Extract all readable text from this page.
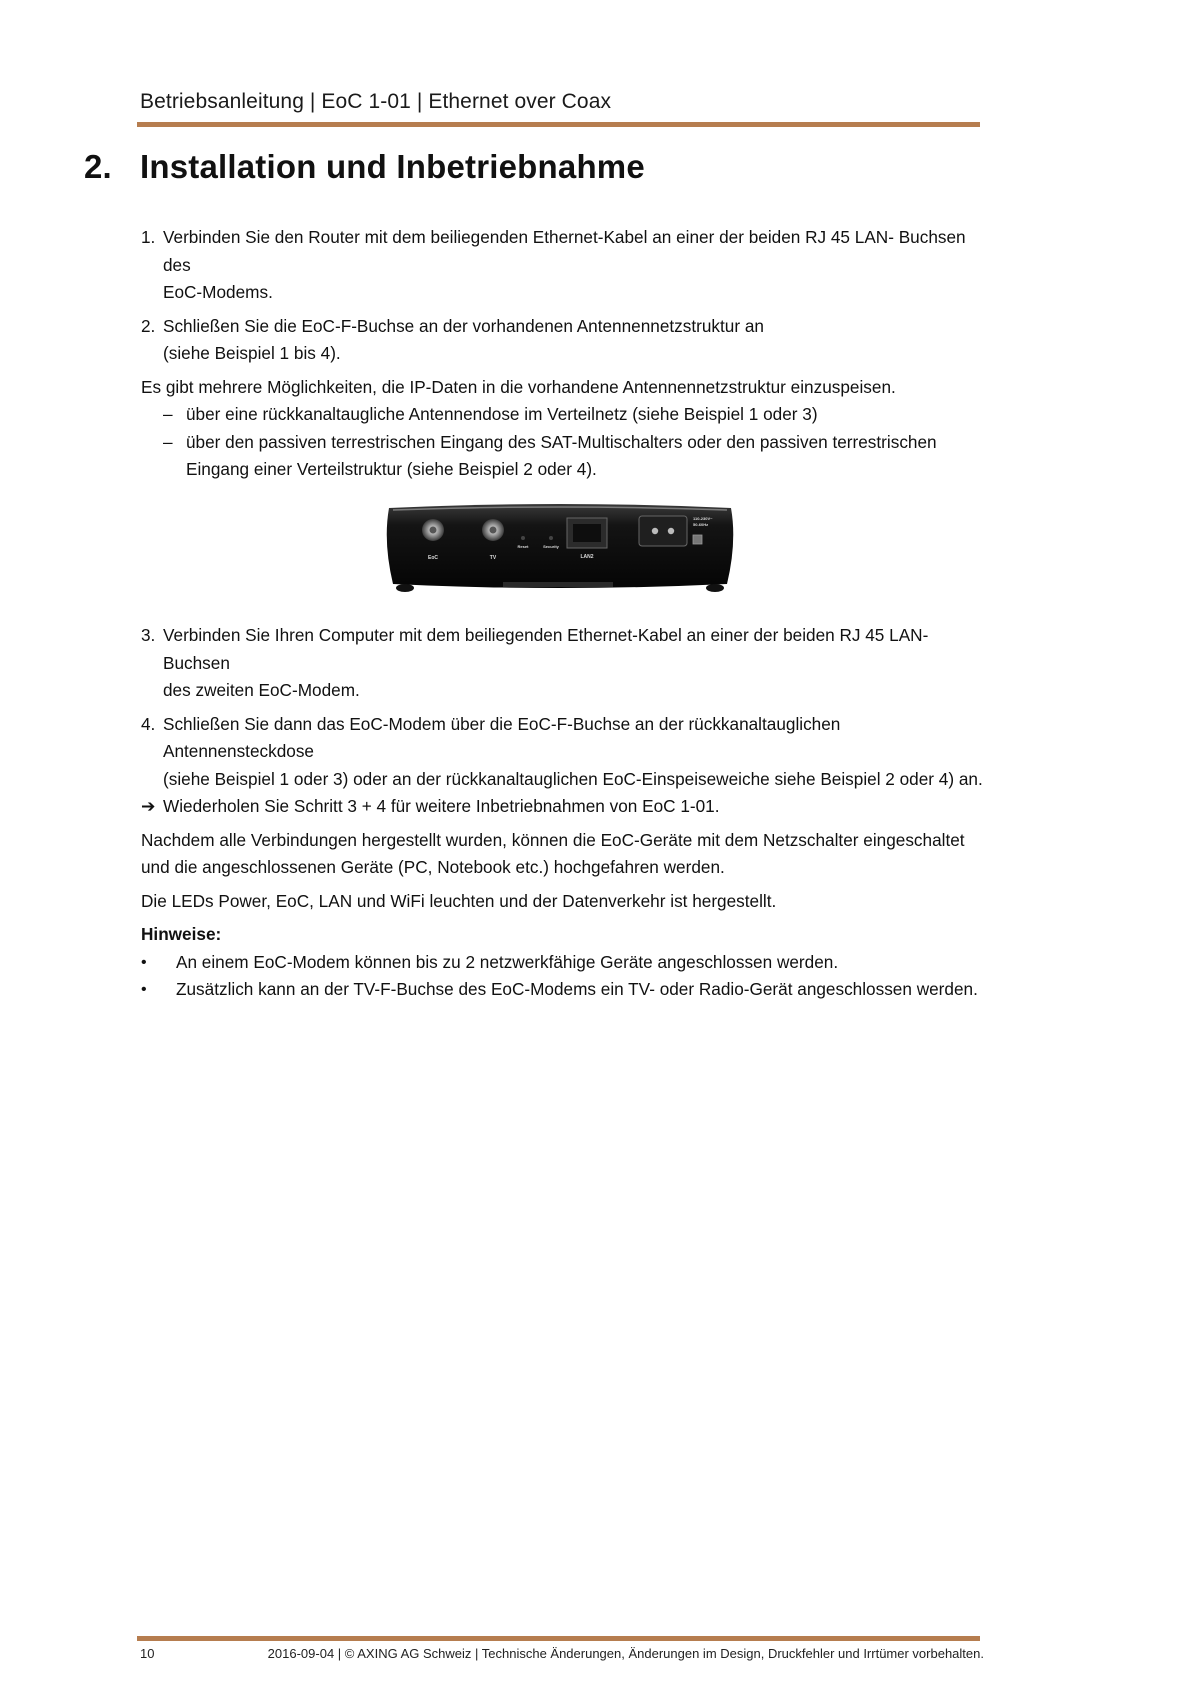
Betriebsanleitung | EoC 1-01 | Ethernet over Coax
2. Installation und Inbetriebnahme
1. Verbinden Sie den Router mit dem beiliegenden Ethernet-Kabel an einer der beiden RJ 45 LAN- Buchsen des
EoC-Modems.
2. Schließen Sie die EoC-F-Buchse an der vorhandenen Antennennetzstruktur an
(siehe Beispiel 1 bis 4).
Es gibt mehrere Möglichkeiten, die IP-Daten in die vorhandene Antennennetzstruktur einzuspeisen.
– über eine rückkanaltaugliche Antennendose im Verteilnetz (siehe Beispiel 1 oder 3)
– über den passiven terrestrischen Eingang des SAT-Multischalters oder den passiven terrestrischen
Eingang einer Verteilstruktur (siehe Beispiel 2 oder 4).
EoC	TV
Reset	Security
LAN2
110-230V~
50-60Hz
3. Verbinden Sie Ihren Computer mit dem beiliegenden Ethernet-Kabel an einer der beiden RJ 45 LAN-Buchsen
des zweiten EoC-Modem.
4. Schließen Sie dann das EoC-Modem über die EoC-F-Buchse an der rückkanaltauglichen Antennensteckdose
(siehe Beispiel 1 oder 3) oder an der rückkanaltauglichen EoC-Einspeiseweiche siehe Beispiel 2 oder 4) an.
➔ Wiederholen Sie Schritt 3 + 4 für weitere Inbetriebnahmen von EoC 1-01.
Nachdem alle Verbindungen hergestellt wurden, können die EoC-Geräte mit dem Netzschalter eingeschaltet
und die angeschlossenen Geräte (PC, Notebook etc.) hochgefahren werden.
Die LEDs Power, EoC, LAN und WiFi leuchten und der Datenverkehr ist hergestellt.
Hinweise:
• An einem EoC-Modem können bis zu 2 netzwerkfähige Geräte angeschlossen werden.
• Zusätzlich kann an der TV-F-Buchse des EoC-Modems ein TV- oder Radio-Gerät angeschlossen werden.
10	2016-09-04 | © AXING AG Schweiz | Technische Änderungen, Änderungen im Design, Druckfehler und Irrtümer vorbehalten.
